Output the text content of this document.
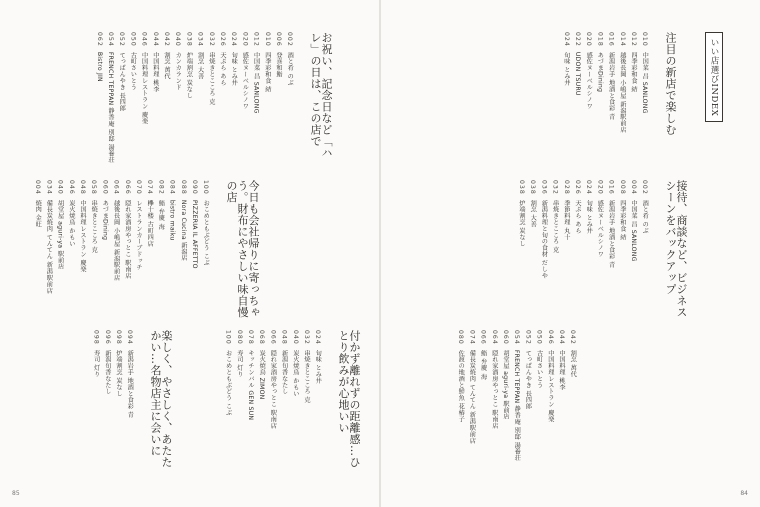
お祝い、記念日など「ハレ」の日は、この店で
002酒と肴 のぶ
006登喜和鮨
010四季彩和食 結
012中国菜 昌 SANLONG
020感佐ヌーベルシノワ
024旬味 とみ井
026天ぷら あら
032串焼きとこころ 克
034割烹 大善
038炉端割烹 炭なし
040カンカランド
042割烹 萬代
044中国料理 桃李
046中国料理レストラン 慶楽
050古町さいとう
052てっぱんやき 長四郎
054FRENCH TEPPAN 静香庵 別邸 湯養荘
062Bistro JIN
今日も会社帰りに寄っちゃう。財布にやさしい味自慢の店
100おこめともぶどう こぶ
090PIZZERIA IL AFFETTO
088Nora Cucina 新潟店
084bistro maiku
082鮨 弁慶 海
074欅十楼 古町四店
070レストランカーブドッチ
066隠れ家酒房やっとこ 駅南店
064越後長岡 小嶋屋 新潟駅前店
060あづまDining
058串焼きとこころ 克
048中国料理レストラン 慶楽
046炭火焼鳥 かもい
040胡堂屋 aguri-ya 駅前店
034備長炭焼肉 てんてん 新潟駅前店
004焼肉 金旺
付かず離れずの距離感…ひとり飲みが心地いい
024旬味 とみ井
032串焼きとこころ 克
040炭火焼鳥 かもい
048新潟旬香なたし
066隠れ家酒房やっとこ 駅南店
068炭火焼鳥 ZIMON
078キッチンバル GEN SUN
080寿司 灯り
100おこめともぶどう こぶ
楽しく、やさしく、あたたかい…名物店主に会いに
094新潟岩手 地酒と食彩 青
098炉端割烹 炭なし
096新潟旬香なたし
098寿司 灯り
85
いい店選びINDEX
注目の新店で楽しむ
010中国菜 昌 SANLONG
012四季彩和食 結
014越後長岡 小嶋屋 新潟駅前店
016新潟岩手 地酒と食彩 青
018あづまDining
020感佐ヌーベルシノワ
022UDON TSURU
024旬味 とみ井
接待、商談など、ビジネスシーンをバックアップ
002酒と肴 のぶ
004中国菜 昌 SANLONG
008四季彩和食 結
016新潟岩手 地酒と食彩 青
020感佐ヌーベルシノワ
024旬味 とみ井
026天ぷら あら
028季節料理 丸十
032串焼きとこころ 克
036新潟料理と旬の食材 だしや
038割烹 大善
038炉端割烹 炭なし
042割烹 萬代
044中国料理 桃李
046中国料理レストラン 慶楽
050古町さいとう
052てっぱんやき 長四郎
054FRENCH TEPPAN 静香庵 別邸 湯養荘
060胡堂屋 aguri-ya 駅前店
064隠れ家酒房やっとこ 駅南店
066鮨 弁慶 海
074備長炭焼肉 てんてん 新潟駅前店
080佐渡の地酒と鮮魚 花椿子
84
